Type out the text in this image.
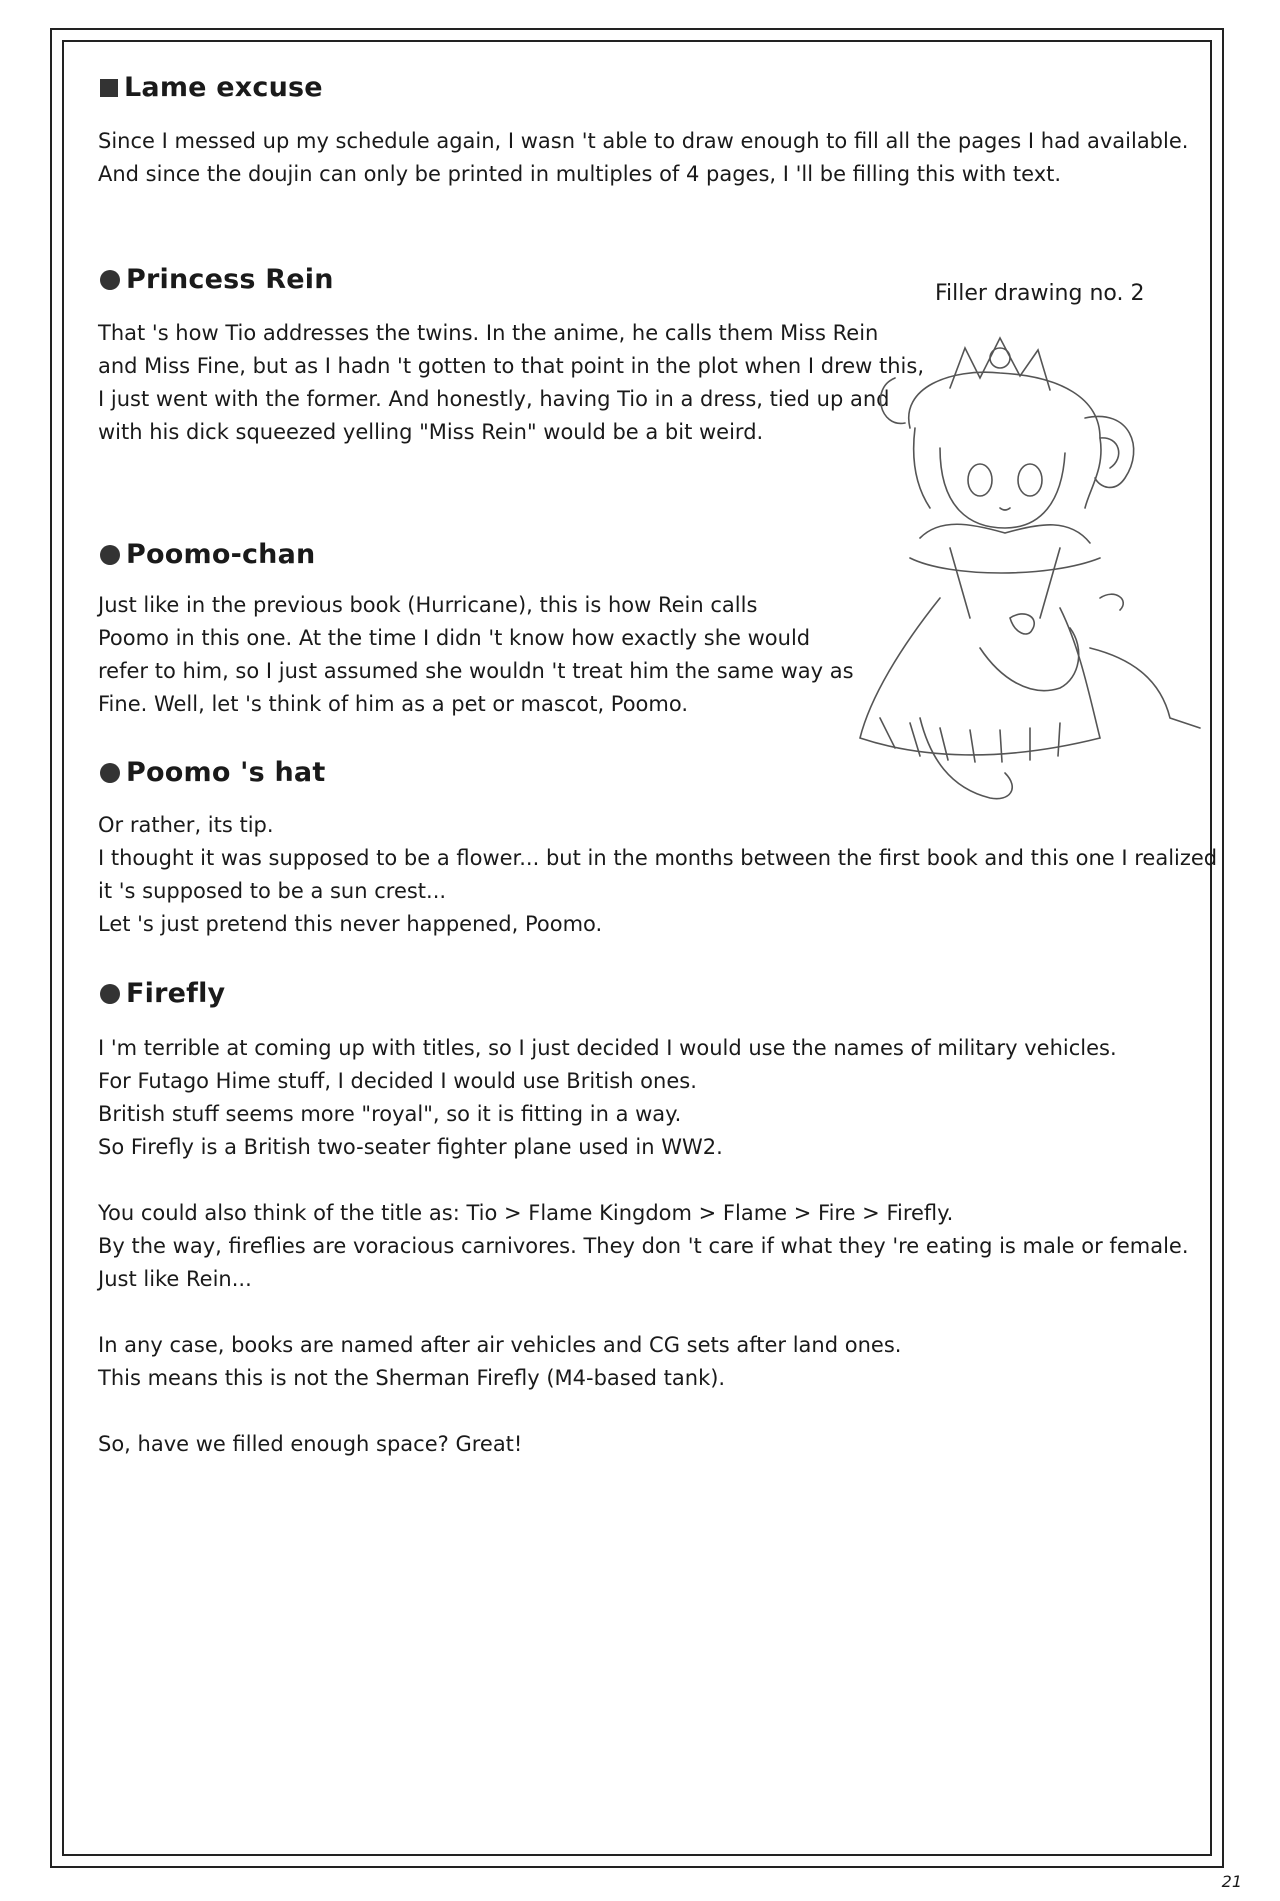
Lame excuse
Since I messed up my schedule again, I wasn 't able to draw enough to fill all the pages I had available.
And since the doujin can only be printed in multiples of 4 pages, I 'll be filling this with text.
Princess Rein
That 's how Tio addresses the twins. In the anime, he calls them Miss Rein
and Miss Fine, but as I hadn 't gotten to that point in the plot when I drew this,
I just went with the former. And honestly, having Tio in a dress, tied up and
with his dick squeezed yelling "Miss Rein" would be a bit weird.
Poomo-chan
Just like in the previous book (Hurricane), this is how Rein calls
Poomo in this one. At the time I didn 't know how exactly she would
refer to him, so I just assumed she wouldn 't treat him the same way as
Fine. Well, let 's think of him as a pet or mascot, Poomo.
Poomo 's hat
Or rather, its tip.
I thought it was supposed to be a flower... but in the months between the first book and this one I realized
it 's supposed to be a sun crest...
Let 's just pretend this never happened, Poomo.
Firefly
I 'm terrible at coming up with titles, so I just decided I would use the names of military vehicles.
For Futago Hime stuff, I decided I would use British ones.
British stuff seems more "royal", so it is fitting in a way.
So Firefly is a British two-seater fighter plane used in WW2.

You could also think of the title as: Tio > Flame Kingdom > Flame > Fire > Firefly.
By the way, fireflies are voracious carnivores. They don 't care if what they 're eating is male or female.
Just like Rein...

In any case, books are named after air vehicles and CG sets after land ones.
This means this is not the Sherman Firefly (M4-based tank).

So, have we filled enough space? Great!
Filler drawing no. 2
21
